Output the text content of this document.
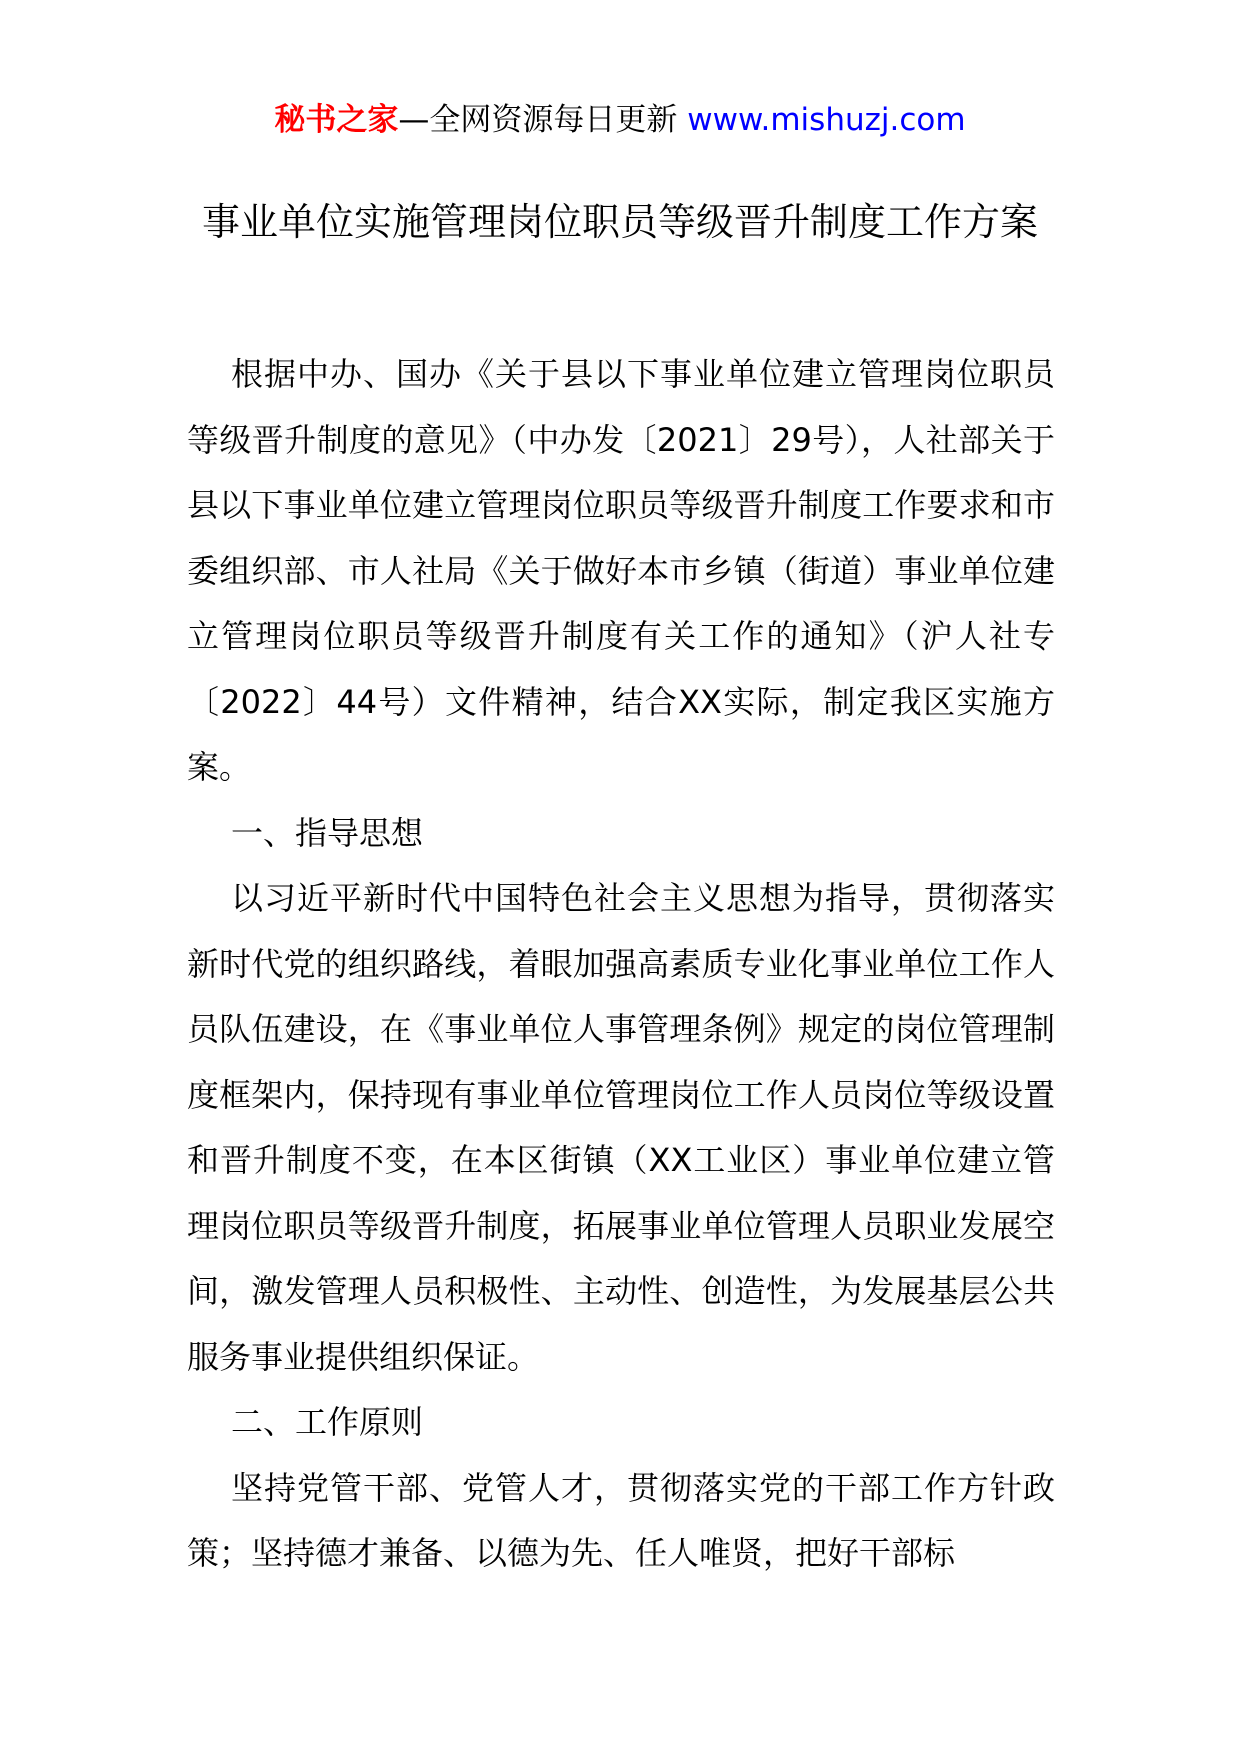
秘书之家—全网资源每日更新 www.mishuzj.com
事业单位实施管理岗位职员等级晋升制度工作方案

根据中办、国办《关于县以下事业单位建立管理岗位职员等级晋升制度的意见》（中办发〔2021〕29号），人社部关于县以下事业单位建立管理岗位职员等级晋升制度工作要求和市委组织部、市人社局《关于做好本市乡镇（街道）事业单位建立管理岗位职员等级晋升制度有关工作的通知》（沪人社专〔2022〕44号）文件精神，结合XX实际，制定我区实施方案。

一、指导思想

以习近平新时代中国特色社会主义思想为指导，贯彻落实新时代党的组织路线，着眼加强高素质专业化事业单位工作人员队伍建设，在《事业单位人事管理条例》规定的岗位管理制度框架内，保持现有事业单位管理岗位工作人员岗位等级设置和晋升制度不变，在本区街镇（XX工业区）事业单位建立管理岗位职员等级晋升制度，拓展事业单位管理人员职业发展空间，激发管理人员积极性、主动性、创造性，为发展基层公共服务事业提供组织保证。

二、工作原则

坚持党管干部、党管人才，贯彻落实党的干部工作方针政策；坚持德才兼备、以德为先、任人唯贤，把好干部标
